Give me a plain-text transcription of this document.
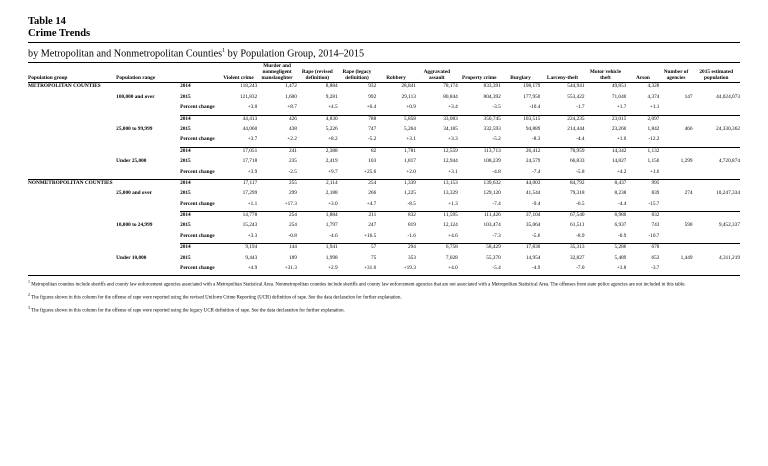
Table 14
Crime Trends
by Metropolitan and Nonmetropolitan Counties$^1$ by Population Group, 2014–2015
Population group	Population range		Violent crime	Murder and nonnegligent manslaughter	Rape (revised definition)	Rape (legacy definition)	Robbery	Aggravated assault	Property crime	Burglary	Larceny-theft	Motor vehicle theft	Arson	Number of agencies	2015 estimated population
METROPOLITAN COUNTIES		2014	118,243	1,472	8,884	932	28,841	78,174	833,391	198,179	544,941	49,851	4,328		
	100,000 and over	2015	121,832	1,600	9,281	992	29,113	80,844	804,392	177,950	553,422	71,040	4,374	147	44,024,073
		Percent change	+3.0	+8.7	+4.5	+6.4	+0.9	+3.4	-3.5	-10.4	-1.7	+1.7	+1.1		
		2014	44,413	426	4,830	788	5,858	33,083	350,745	103,515	224,235	23,015	2,097		
	25,000 to 99,999	2015	44,060	438	5,226	747	5,264	34,185	332,593	94,889	214,444	23,260	1,842	466	24,330,362
		Percent change	+3.7	+2.2	+8.2	-5.2	+3.1	+3.3	-5.2	-8.3	-4.4	+1.0	-12.2		
		2014	17,051	241	2,388	82	1,781	12,559	113,713	26,412	70,959	14,342	1,132		
	Under 25,000	2015	17,718	235	2,419	103	1,817	12,944	108,239	24,579	66,833	14,827	1,150	1,299	4,720,874
		Percent change	+3.9	-2.5	+9.7	+25.6	+2.0	+3.1	-4.8	-7.4	-5.8	+4.2	+1.6		
NONMETROPOLITAN COUNTIES		2014	17,117	255	2,114	254	1,339	13,153	139,632	44,003	84,792	8,437	995		
	25,000 and over	2015	17,299	299	2,188	266	1,225	13,329	129,120	41,544	79,318	8,238	839	274	10,247,334
		Percent change	+1.1	+17.3	+3.0	+4.7	-8.5	+1.3	-7.4	-9.4	-6.5	-4.4	-15.7		
		2014	14,778	254	1,884	211	832	11,595	111,426	37,104	67,540	6,980	832		
	10,000 to 24,999	2015	15,243	254	1,797	247	819	12,124	103,474	35,064	61,511	6,937	743	590	9,452,337
		Percent change	+3.3	-0.8	-4.6	+16.5	-1.6	+4.6	-7.3	-5.6	-8.9	-0.9	-10.7		
		2014	9,194	144	1,941	57	294	6,758	58,429	17,830	35,313	5,286	678		
	Under 10,000	2015	9,443	189	1,998	75	353	7,028	55,370	14,954	32,827	5,489	653	1,449	4,311,219
		Percent change	+4.9	+31.3	+2.9	+31.6	+19.3	+4.0	-5.4	-4.9	-7.0	+3.8	-3.7		

$^1$ Metropolitan counties include sheriffs and county law enforcement agencies associated with a Metropolitan Statistical Area. Nonmetropolitan counties include sheriffs and county law enforcement agencies that are not associated with a Metropolitan Statistical Area. The offenses from state police agencies are not included in this table.

$^2$ The figures shown in this column for the offense of rape were reported using the revised Uniform Crime Reporting (UCR) definition of rape. See the data declaration for further explanation.

$^3$ The figures shown in this column for the offense of rape were reported using the legacy UCR definition of rape. See the data declaration for further explanation.
